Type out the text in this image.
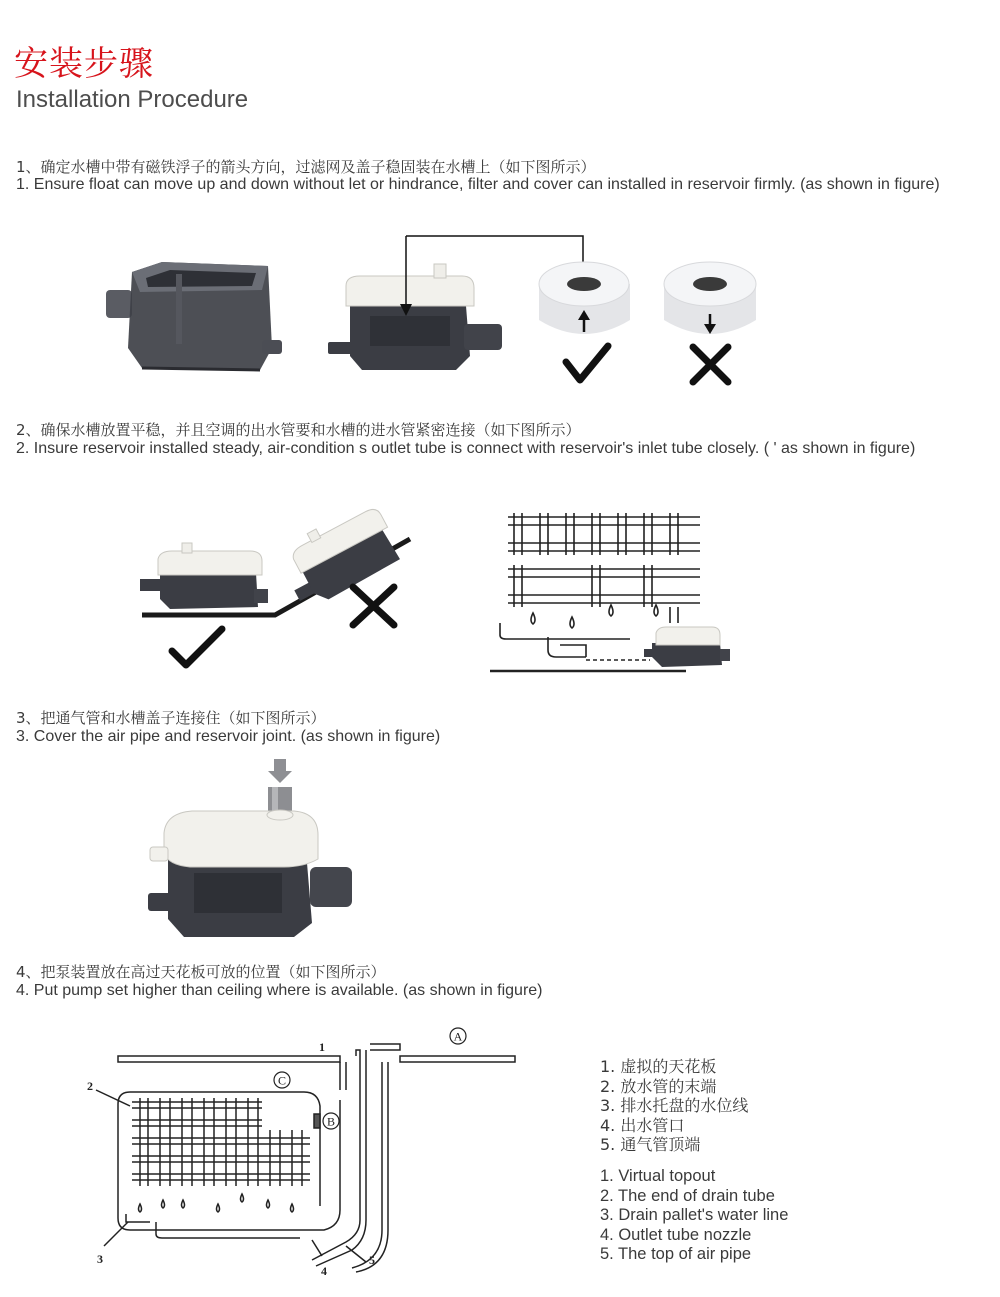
安装步骤
Installation Procedure
1、确定水槽中带有磁铁浮子的箭头方向，过滤网及盖子稳固装在水槽上（如下图所示）
1. Ensure float can move up and down without let or hindrance, filter and cover can installed in reservoir firmly. (as shown in figure)
2、确保水槽放置平稳，并且空调的出水管要和水槽的进水管紧密连接（如下图所示）
2. Insure reservoir installed steady, air-condition s outlet tube is connect with reservoir's inlet tube closely. ( ' as shown in figure)
3、把通气管和水槽盖子连接住（如下图所示）
3. Cover the air pipe and reservoir joint. (as shown in figure)
4、把泵装置放在高过天花板可放的位置（如下图所示）
4. Put pump set higher than ceiling where is available. (as shown in figure)
A
B
C
1
2
3
4
5
1. 虚拟的天花板
2. 放水管的末端
3. 排水托盘的水位线
4. 出水管口
5. 通气管顶端
1. Virtual topout
2. The end of drain tube
3. Drain pallet's water line
4. Outlet tube nozzle
5. The top of air pipe
